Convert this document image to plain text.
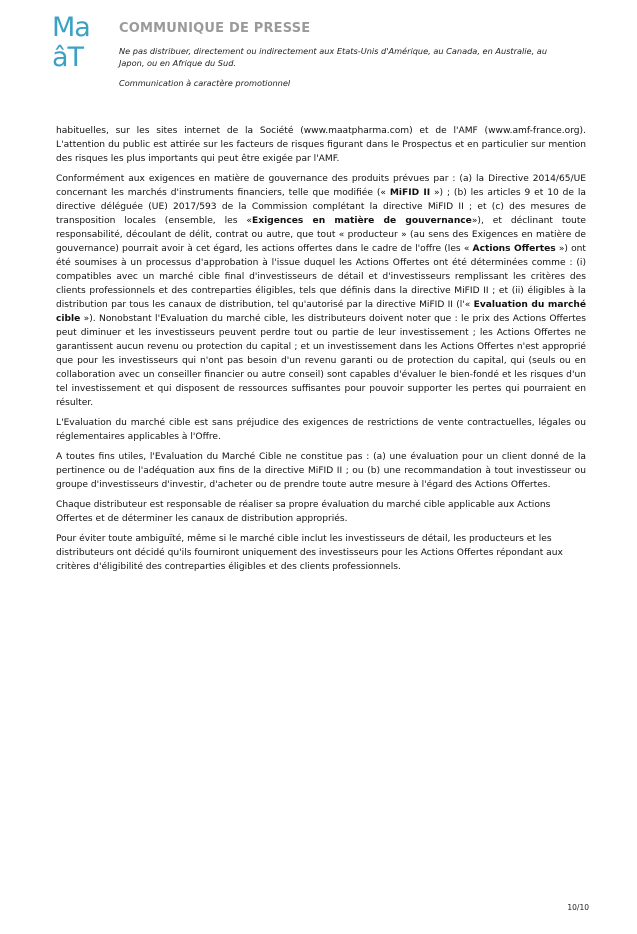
Ma
âT
COMMUNIQUE DE PRESSE
Ne pas distribuer, directement ou indirectement aux Etats-Unis d'Amérique, au Canada, en Australie, au Japon, ou en Afrique du Sud.
Communication à caractère promotionnel

habituelles, sur les sites internet de la Société (www.maatpharma.com) et de l'AMF (www.amf-france.org). L'attention du public est attirée sur les facteurs de risques figurant dans le Prospectus et en particulier sur mention des risques les plus importants qui peut être exigée par l'AMF.

Conformément aux exigences en matière de gouvernance des produits prévues par : (a) la Directive 2014/65/UE concernant les marchés d'instruments financiers, telle que modifiée (« MiFID II ») ; (b) les articles 9 et 10 de la directive déléguée (UE) 2017/593 de la Commission complétant la directive MiFID II ; et (c) des mesures de transposition locales (ensemble, les «Exigences en matière de gouvernance»), et déclinant toute responsabilité, découlant de délit, contrat ou autre, que tout « producteur » (au sens des Exigences en matière de gouvernance) pourrait avoir à cet égard, les actions offertes dans le cadre de l'offre (les « Actions Offertes ») ont été soumises à un processus d'approbation à l'issue duquel les Actions Offertes ont été déterminées comme : (i) compatibles avec un marché cible final d'investisseurs de détail et d'investisseurs remplissant les critères des clients professionnels et des contreparties éligibles, tels que définis dans la directive MiFID II ; et (ii) éligibles à la distribution par tous les canaux de distribution, tel qu'autorisé par la directive MiFID II (l'« Evaluation du marché cible »). Nonobstant l'Evaluation du marché cible, les distributeurs doivent noter que : le prix des Actions Offertes peut diminuer et les investisseurs peuvent perdre tout ou partie de leur investissement ; les Actions Offertes ne garantissent aucun revenu ou protection du capital ; et un investissement dans les Actions Offertes n'est approprié que pour les investisseurs qui n'ont pas besoin d'un revenu garanti ou de protection du capital, qui (seuls ou en collaboration avec un conseiller financier ou autre conseil) sont capables d'évaluer le bien-fondé et les risques d'un tel investissement et qui disposent de ressources suffisantes pour pouvoir supporter les pertes qui pourraient en résulter.

L'Evaluation du marché cible est sans préjudice des exigences de restrictions de vente contractuelles, légales ou réglementaires applicables à l'Offre.

A toutes fins utiles, l'Evaluation du Marché Cible ne constitue pas : (a) une évaluation pour un client donné de la pertinence ou de l'adéquation aux fins de la directive MiFID II ; ou (b) une recommandation à tout investisseur ou groupe d'investisseurs d'investir, d'acheter ou de prendre toute autre mesure à l'égard des Actions Offertes.

Chaque distributeur est responsable de réaliser sa propre évaluation du marché cible applicable aux Actions Offertes et de déterminer les canaux de distribution appropriés.

Pour éviter toute ambiguïté, même si le marché cible inclut les investisseurs de détail, les producteurs et les distributeurs ont décidé qu'ils fourniront uniquement des investisseurs pour les Actions Offertes répondant aux critères d'éligibilité des contreparties éligibles et des clients professionnels.

10/10
